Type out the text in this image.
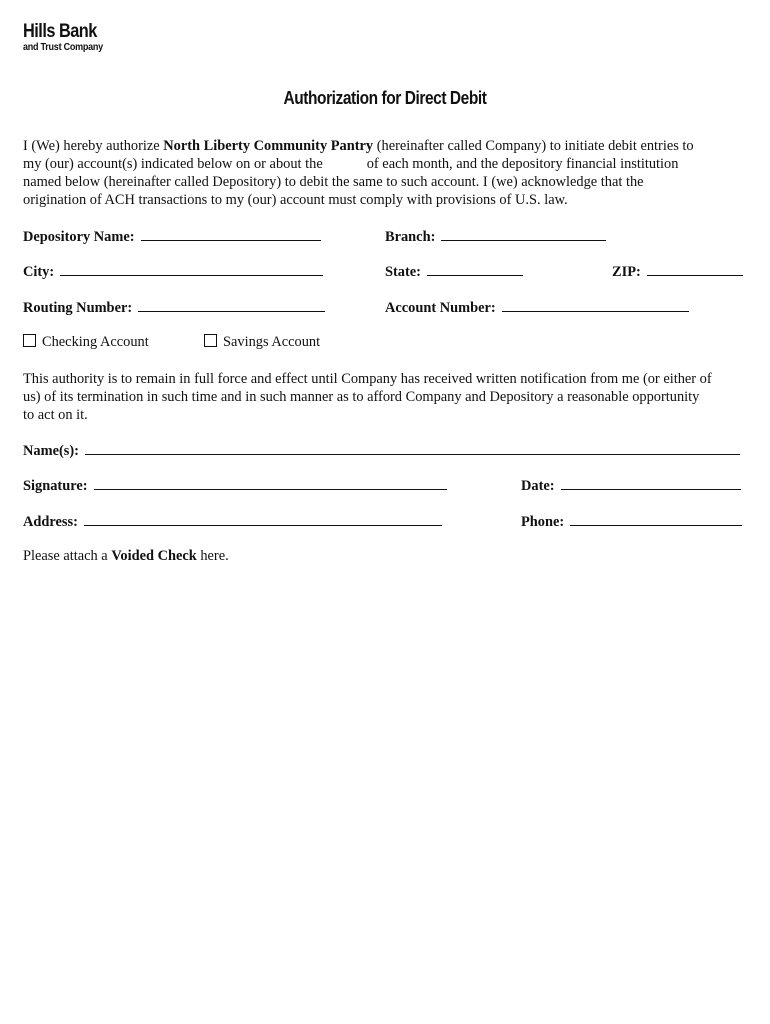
Hills Bank
and Trust Company
Authorization for Direct Debit
I (We) hereby authorize North Liberty Community Pantry (hereinafter called Company) to initiate debit entries to
my (our) account(s) indicated below on or about the	of each month, and the depository financial institution
named below (hereinafter called Depository) to debit the same to such account. I (we) acknowledge that the
origination of ACH transactions to my (our) account must comply with provisions of U.S. law.
Depository Name:	Branch:
City:	State:	ZIP:
Routing Number:	Account Number:
Checking Account	Savings Account
This authority is to remain in full force and effect until Company has received written notification from me (or either of
us) of its termination in such time and in such manner as to afford Company and Depository a reasonable opportunity
to act on it.
Name(s):
Signature:	Date:
Address:	Phone:
Please attach a Voided Check here.
